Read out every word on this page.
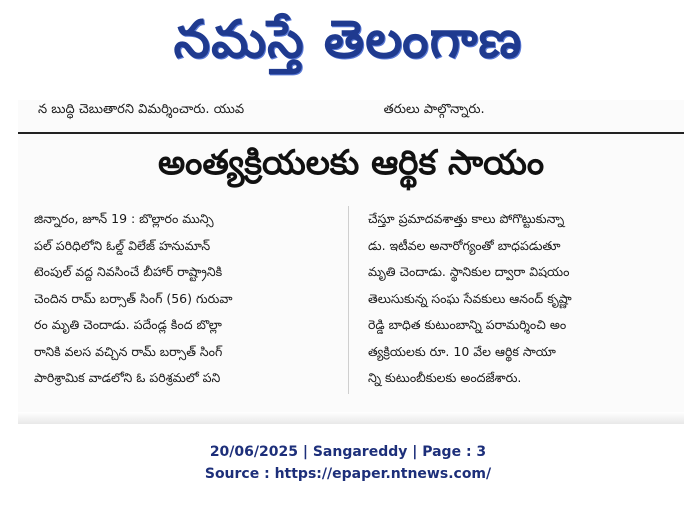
నమస్తే తెలంగాణ
న బుద్ధి చెబుతారని విమర్శించారు. యువ	తరులు పాల్గొన్నారు.
అంత్యక్రియలకు ఆర్థిక సాయం
జిన్నారం, జూన్ 19 : బొల్లారం మున్సి
పల్ పరిధిలోని ఓల్డ్ విలేజ్ హనుమాన్
టెంపుల్ వద్ద నివసించే బీహార్ రాష్ట్రానికి
చెందిన రామ్ బర్సాత్ సింగ్ (56) గురువా
రం మృతి చెందాడు. పదేండ్ల కింద బొల్లా
రానికి వలస వచ్చిన రామ్ బర్సాత్ సింగ్
పారిశ్రామిక వాడలోని ఓ పరిశ్రమలో పని
చేస్తూ ప్రమాదవశాత్తు కాలు పోగొట్టుకున్నా
డు. ఇటీవల అనారోగ్యంతో బాధపడుతూ
మృతి చెందాడు. స్థానికుల ద్వారా విషయం
తెలుసుకున్న సంఘ సేవకులు ఆనంద్ కృష్ణా
రెడ్డి బాధిత కుటుంబాన్ని పరామర్శించి అం
త్యక్రియలకు రూ. 10 వేల ఆర్థిక సాయా
న్ని కుటుంబీకులకు అందజేశారు.
20/06/2025 | Sangareddy | Page : 3
Source : https://epaper.ntnews.com/
